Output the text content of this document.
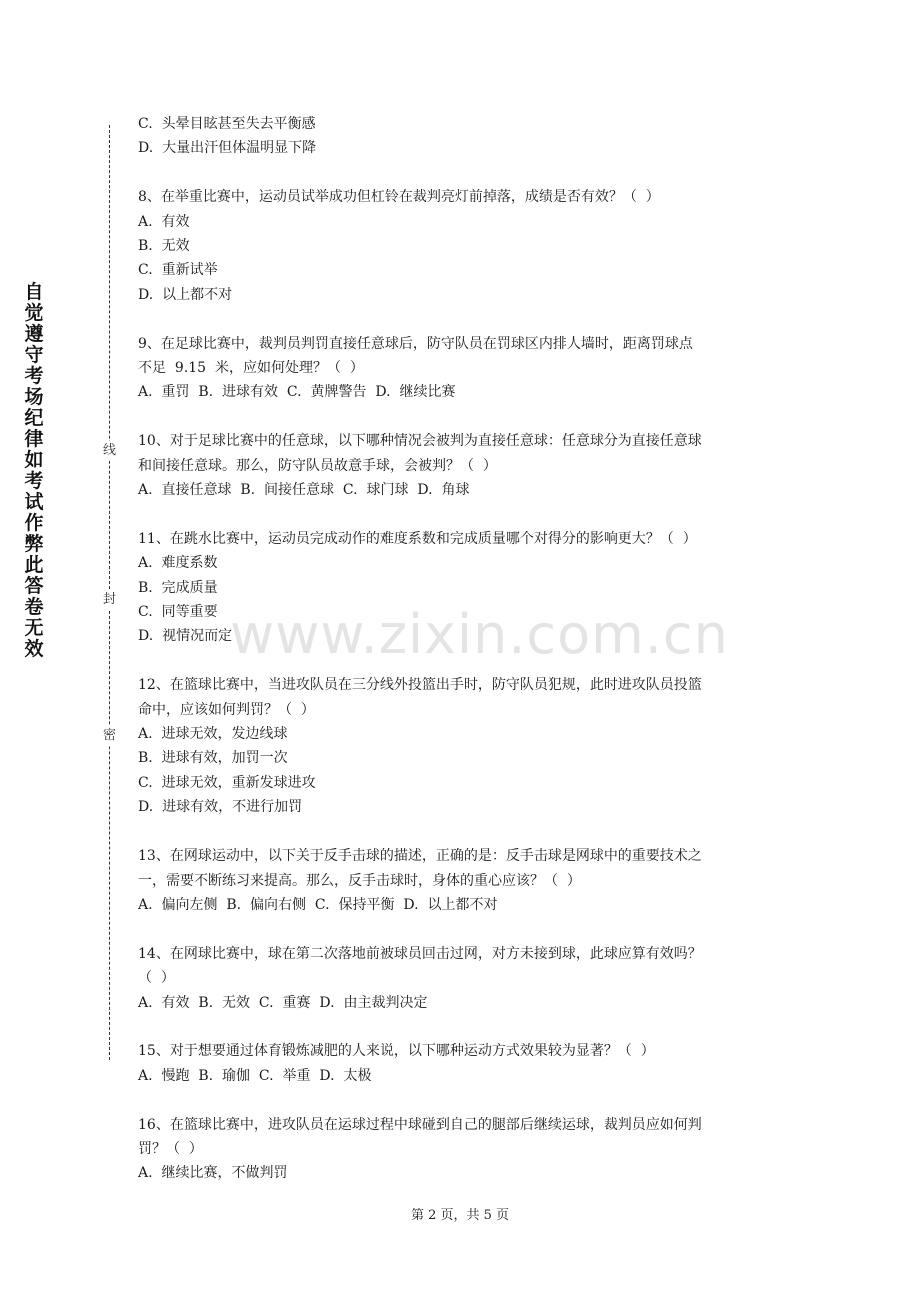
自
觉
遵
守
考
场
纪
律
如
考
试
作
弊
此
答
卷
无
效
线
封
密
C.  头晕目眩甚至失去平衡感
D.  大量出汗但体温明显下降
8、在举重比赛中，运动员试举成功但杠铃在裁判亮灯前掉落，成绩是否有效？（  ）
A.  有效
B.  无效
C.  重新试举
D.  以上都不对
9、在足球比赛中，裁判员判罚直接任意球后，防守队员在罚球区内排人墙时，距离罚球点
不足  9.15  米，应如何处理？（  ）
A.  重罚  B.  进球有效  C.  黄牌警告  D.  继续比赛
10、对于足球比赛中的任意球，以下哪种情况会被判为直接任意球：任意球分为直接任意球
和间接任意球。那么，防守队员故意手球，会被判？（  ）
A.  直接任意球  B.  间接任意球  C.  球门球  D.  角球
11、在跳水比赛中，运动员完成动作的难度系数和完成质量哪个对得分的影响更大？（  ）
A.  难度系数
B.  完成质量
C.  同等重要
D.  视情况而定
12、在篮球比赛中，当进攻队员在三分线外投篮出手时，防守队员犯规，此时进攻队员投篮
命中，应该如何判罚？（  ）
A.  进球无效，发边线球
B.  进球有效，加罚一次
C.  进球无效，重新发球进攻
D.  进球有效，不进行加罚
13、在网球运动中，以下关于反手击球的描述，正确的是：反手击球是网球中的重要技术之
一，需要不断练习来提高。那么，反手击球时，身体的重心应该？（  ）
A.  偏向左侧  B.  偏向右侧  C.  保持平衡  D.  以上都不对
14、在网球比赛中，球在第二次落地前被球员回击过网，对方未接到球，此球应算有效吗？
（  ）
A.  有效  B.  无效  C.  重赛  D.  由主裁判决定
15、对于想要通过体育锻炼减肥的人来说，以下哪种运动方式效果较为显著？（  ）
A.  慢跑  B.  瑜伽  C.  举重  D.  太极
16、在篮球比赛中，进攻队员在运球过程中球碰到自己的腿部后继续运球，裁判员应如何判
罚？（  ）
A.  继续比赛，不做判罚
www.zixin.com.cn
第 2 页，共 5 页
